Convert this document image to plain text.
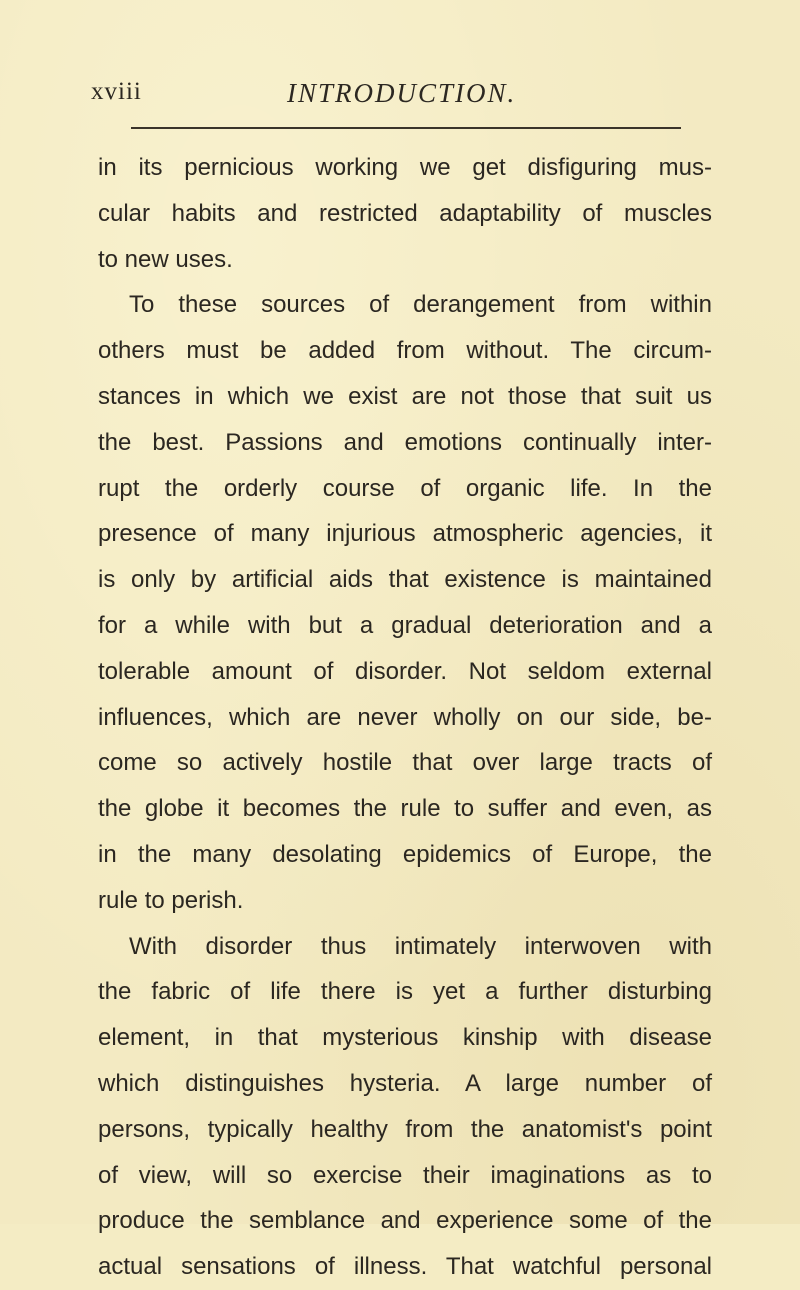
xviii	INTRODUCTION.
in its pernicious working we get disfiguring mus-
cular habits and restricted adaptability of muscles
to new uses.
To these sources of derangement from within
others must be added from without. The circum-
stances in which we exist are not those that suit us
the best. Passions and emotions continually inter-
rupt the orderly course of organic life. In the
presence of many injurious atmospheric agencies, it
is only by artificial aids that existence is maintained
for a while with but a gradual deterioration and a
tolerable amount of disorder. Not seldom external
influences, which are never wholly on our side, be-
come so actively hostile that over large tracts of
the globe it becomes the rule to suffer and even, as
in the many desolating epidemics of Europe, the
rule to perish.
With disorder thus intimately interwoven with
the fabric of life there is yet a further disturbing
element, in that mysterious kinship with disease
which distinguishes hysteria. A large number of
persons, typically healthy from the anatomist's point
of view, will so exercise their imaginations as to
produce the semblance and experience some of the
actual sensations of illness. That watchful personal
